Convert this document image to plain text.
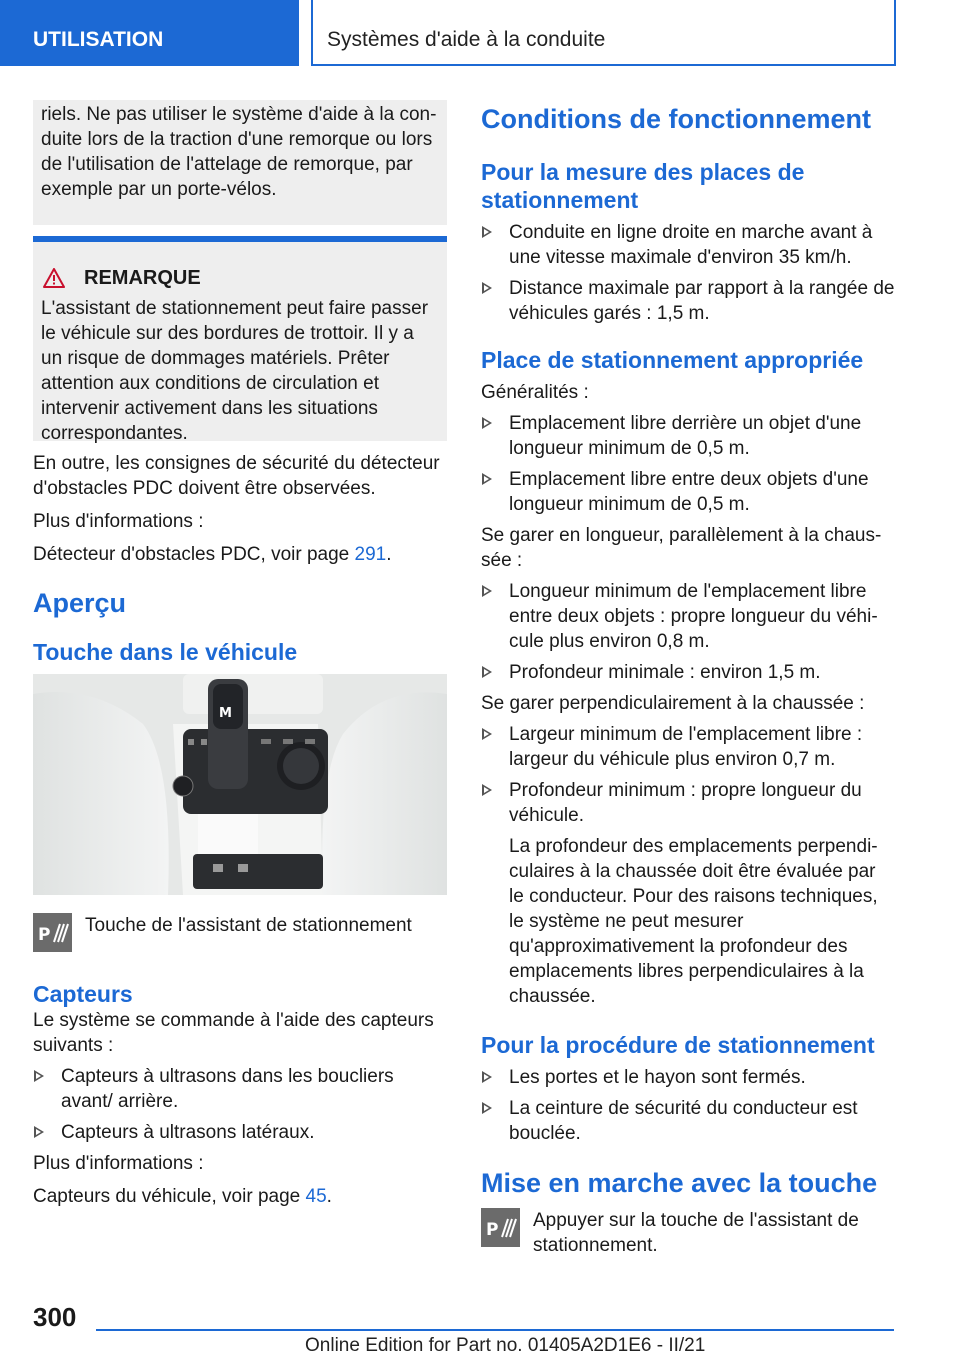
UTILISATION	Systèmes d'aide à la conduite

riels. Ne pas utiliser le système d'aide à la conduite lors de la traction d'une remorque ou lors de l'utilisation de l'attelage de remorque, par exemple par un porte-vélos.

REMARQUE

L'assistant de stationnement peut faire passer le véhicule sur des bordures de trottoir. Il y a un risque de dommages matériels. Prêter attention aux conditions de circulation et intervenir activement dans les situations correspondantes.

En outre, les consignes de sécurité du détecteur d'obstacles PDC doivent être observées.

Plus d'informations :

Détecteur d'obstacles PDC, voir page 291.

Aperçu
Touche dans le véhicule
M
P Touche de l'assistant de stationnement

Capteurs

Le système se commande à l'aide des capteurs suivants :

Capteurs à ultrasons dans les boucliers avant/ arrière.
Capteurs à ultrasons latéraux.

Plus d'informations :

Capteurs du véhicule, voir page 45.

Conditions de fonctionnement
Pour la mesure des places de stationnement
Conduite en ligne droite en marche avant à une vitesse maximale d'environ 35 km/h.
Distance maximale par rapport à la rangée de véhicules garés : 1,5 m.
Place de stationnement appropriée

Généralités :

Emplacement libre derrière un objet d'une longueur minimum de 0,5 m.
Emplacement libre entre deux objets d'une longueur minimum de 0,5 m.

Se garer en longueur, parallèlement à la chaussée :

Longueur minimum de l'emplacement libre entre deux objets : propre longueur du véhicule plus environ 0,8 m.
Profondeur minimale : environ 1,5 m.

Se garer perpendiculairement à la chaussée :

Largeur minimum de l'emplacement libre : largeur du véhicule plus environ 0,7 m.
Profondeur minimum : propre longueur du véhicule.

La profondeur des emplacements perpendiculaires à la chaussée doit être évaluée par le conducteur. Pour des raisons techniques, le système ne peut mesurer qu'approximativement la profondeur des emplacements libres perpendiculaires à la chaussée.

Pour la procédure de stationnement
Les portes et le hayon sont fermés.
La ceinture de sécurité du conducteur est bouclée.
Mise en marche avec la touche
P Appuyer sur la touche de l'assistant de stationnement.

300
Online Edition for Part no. 01405A2D1E6 - II/21
